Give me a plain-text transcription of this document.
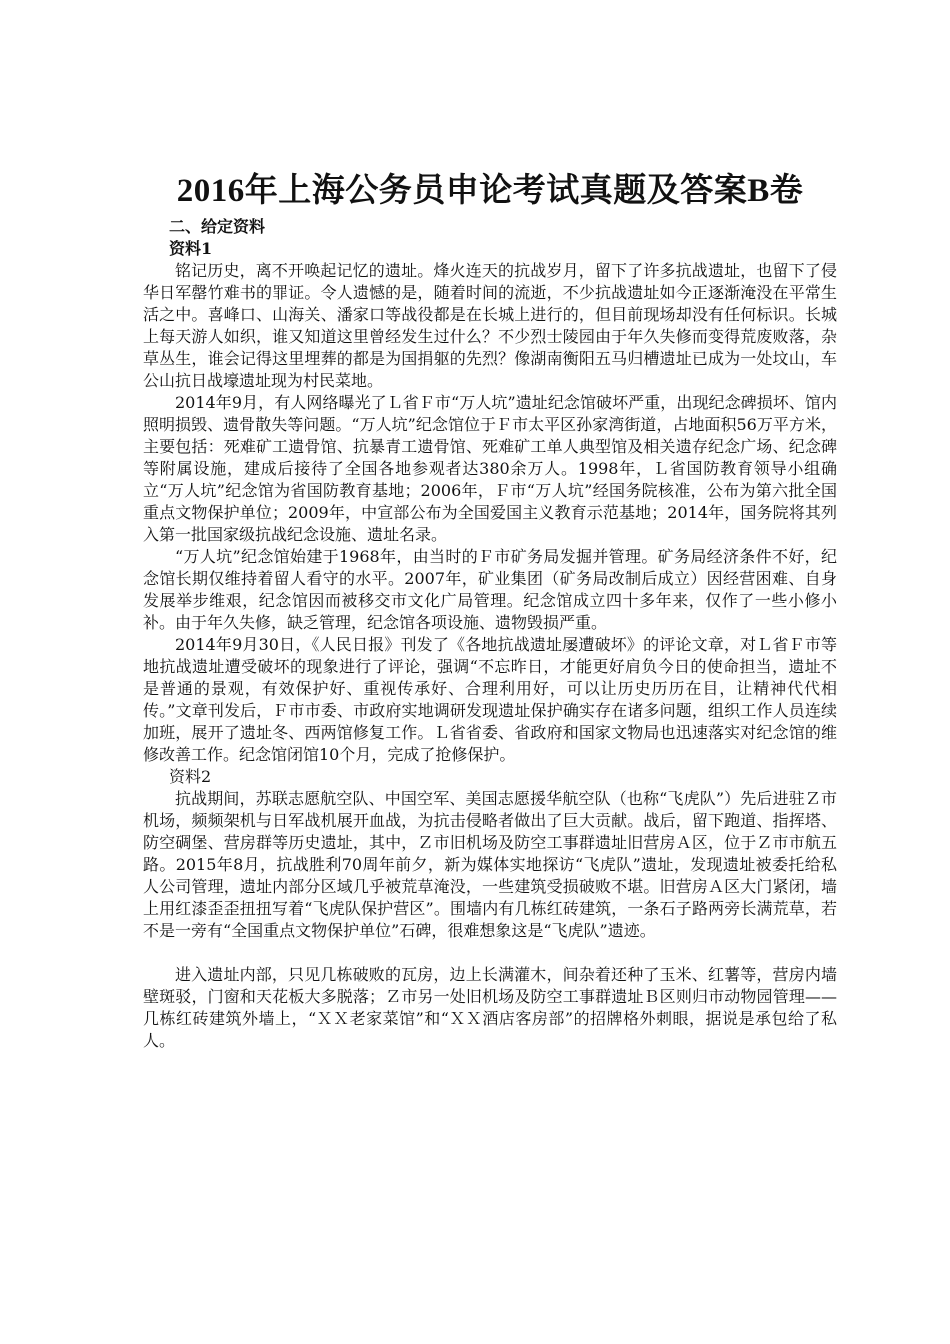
2016年上海公务员申论考试真题及答案B卷

二、给定资料

资料1

铭记历史，离不开唤起记忆的遗址。烽火连天的抗战岁月，留下了许多抗战遗址，也留下了侵华日军罄竹难书的罪证。令人遗憾的是，随着时间的流逝，不少抗战遗址如今正逐渐淹没在平常生活之中。喜峰口、山海关、潘家口等战役都是在长城上进行的，但目前现场却没有任何标识。长城上每天游人如织，谁又知道这里曾经发生过什么？不少烈士陵园由于年久失修而变得荒废败落，杂草丛生，谁会记得这里埋葬的都是为国捐躯的先烈？像湖南衡阳五马归槽遗址已成为一处坟山，车公山抗日战壕遗址现为村民菜地。

2014年9月，有人网络曝光了Ｌ省Ｆ市“万人坑”遗址纪念馆破坏严重，出现纪念碑损坏、馆内照明损毁、遗骨散失等问题。“万人坑”纪念馆位于Ｆ市太平区孙家湾街道，占地面积56万平方米，主要包括：死难矿工遗骨馆、抗暴青工遗骨馆、死难矿工单人典型馆及相关遗存纪念广场、纪念碑等附属设施，建成后接待了全国各地参观者达380余万人。1998年，Ｌ省国防教育领导小组确立“万人坑”纪念馆为省国防教育基地；2006年，Ｆ市“万人坑”经国务院核准，公布为第六批全国重点文物保护单位；2009年，中宣部公布为全国爱国主义教育示范基地；2014年，国务院将其列入第一批国家级抗战纪念设施、遗址名录。

“万人坑”纪念馆始建于1968年，由当时的Ｆ市矿务局发掘并管理。矿务局经济条件不好，纪念馆长期仅维持着留人看守的水平。2007年，矿业集团（矿务局改制后成立）因经营困难、自身发展举步维艰，纪念馆因而被移交市文化广局管理。纪念馆成立四十多年来，仅作了一些小修小补。由于年久失修，缺乏管理，纪念馆各项设施、遗物毁损严重。

2014年9月30日，《人民日报》刊发了《各地抗战遗址屡遭破坏》的评论文章，对Ｌ省Ｆ市等地抗战遗址遭受破坏的现象进行了评论，强调“不忘昨日，才能更好肩负今日的使命担当，遗址不是普通的景观，有效保护好、重视传承好、合理利用好，可以让历史历历在目，让精神代代相传。”文章刊发后，Ｆ市市委、市政府实地调研发现遗址保护确实存在诸多问题，组织工作人员连续加班，展开了遗址冬、西两馆修复工作。Ｌ省省委、省政府和国家文物局也迅速落实对纪念馆的维修改善工作。纪念馆闭馆10个月，完成了抢修保护。

资料2

抗战期间，苏联志愿航空队、中国空军、美国志愿援华航空队（也称“飞虎队”）先后进驻Ｚ市机场，频频架机与日军战机展开血战，为抗击侵略者做出了巨大贡献。战后，留下跑道、指挥塔、防空碉堡、营房群等历史遗址，其中，Ｚ市旧机场及防空工事群遗址旧营房Ａ区，位于Ｚ市市航五路。2015年8月，抗战胜利70周年前夕，新为媒体实地探访“飞虎队”遗址，发现遗址被委托给私人公司管理，遗址内部分区域几乎被荒草淹没，一些建筑受损破败不堪。旧营房Ａ区大门紧闭，墙上用红漆歪歪扭扭写着“飞虎队保护营区”。围墙内有几栋红砖建筑，一条石子路两旁长满荒草，若不是一旁有“全国重点文物保护单位”石碑，很难想象这是“飞虎队”遗迹。

进入遗址内部，只见几栋破败的瓦房，边上长满灌木，间杂着还种了玉米、红薯等，营房内墙壁斑驳，门窗和天花板大多脱落；Ｚ市另一处旧机场及防空工事群遗址Ｂ区则归市动物园管理——几栋红砖建筑外墙上，“ＸＸ老家菜馆”和“ＸＸ酒店客房部”的招牌格外刺眼，据说是承包给了私人。
